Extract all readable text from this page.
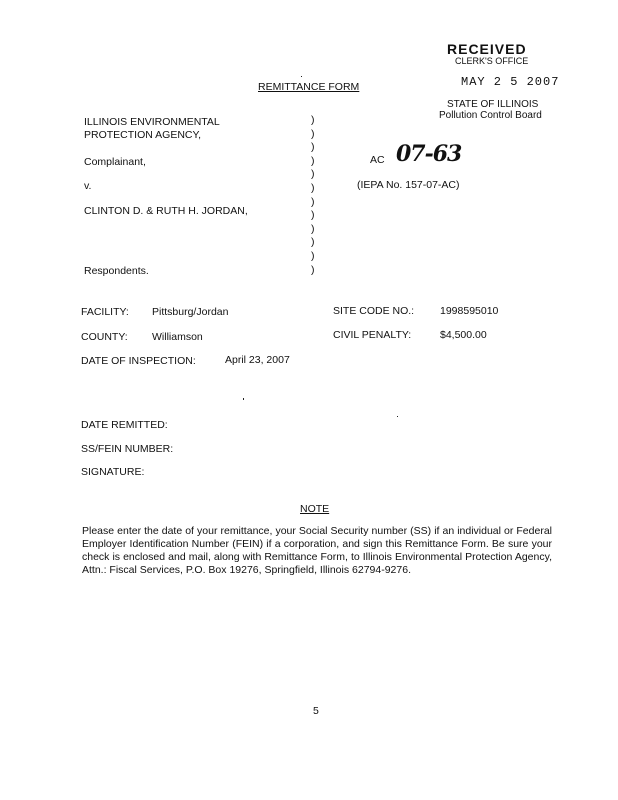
RECEIVED
CLERK'S OFFICE
MAY 2 5 2007
STATE OF ILLINOIS
Pollution Control Board
REMITTANCE FORM
ILLINOIS ENVIRONMENTAL
PROTECTION AGENCY,
Complainant,
v.
CLINTON D. & RUTH H. JORDAN,
Respondents.
)
)
)
)
)
)
)
)
)
)
)
)
AC 07-63
(IEPA No. 157-07-AC)
FACILITY: Pittsburg/Jordan	SITE CODE NO.: 1998595010
COUNTY: Williamson	CIVIL PENALTY:	$4,500.00
DATE OF INSPECTION:	April 23, 2007
DATE REMITTED:
SS/FEIN NUMBER:
SIGNATURE:
NOTE
Please enter the date of your remittance, your Social Security number (SS) if an individual or Federal Employer Identification Number (FEIN) if a corporation, and sign this Remittance Form. Be sure your check is enclosed and mail, along with Remittance Form, to Illinois Environmental Protection Agency, Attn.: Fiscal Services, P.O. Box 19276, Springfield, Illinois 62794-9276.
5
